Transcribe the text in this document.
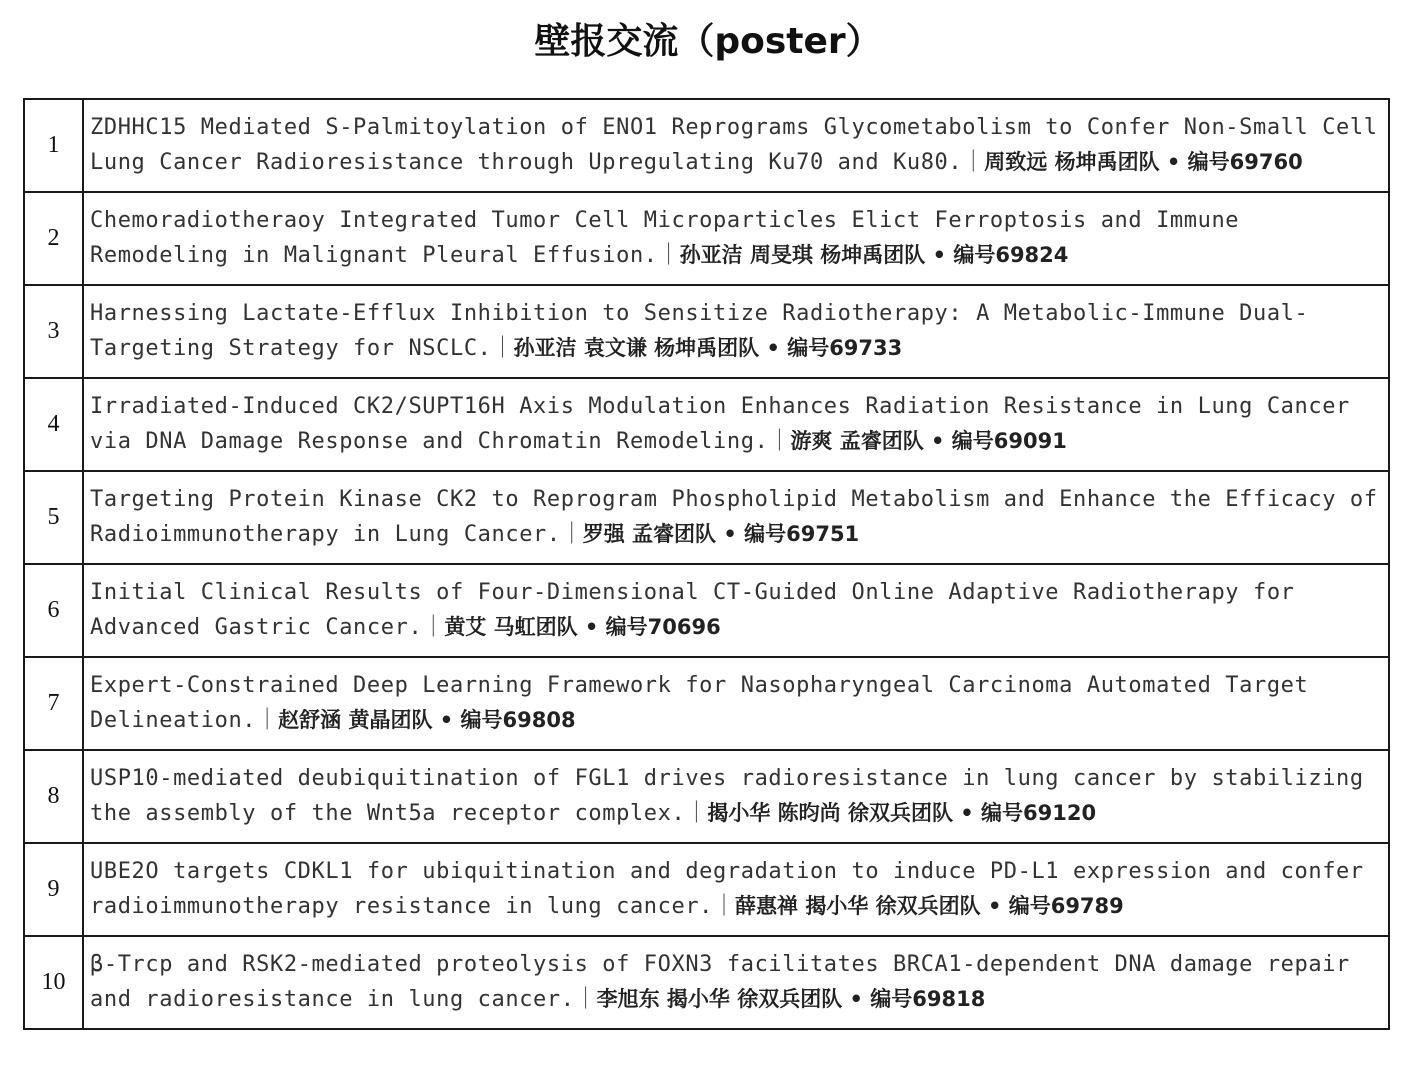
壁报交流（poster）
1	ZDHHC15 Mediated S-Palmitoylation of ENO1 Reprograms Glycometabolism to Confer Non-Small Cell Lung Cancer Radioresistance through Upregulating Ku70 and Ku80.｜周致远 杨坤禹团队 • 编号69760
2	Chemoradiotheraoy Integrated Tumor Cell Microparticles Elict Ferroptosis and Immune Remodeling in Malignant Pleural Effusion.｜孙亚洁 周旻琪 杨坤禹团队 • 编号69824
3	Harnessing Lactate-Efflux Inhibition to Sensitize Radiotherapy: A Metabolic-Immune Dual-Targeting Strategy for NSCLC.｜孙亚洁 袁文谦 杨坤禹团队 • 编号69733
4	Irradiated-Induced CK2/SUPT16H Axis Modulation Enhances Radiation Resistance in Lung Cancer via DNA Damage Response and Chromatin Remodeling.｜游爽 孟睿团队 • 编号69091
5	Targeting Protein Kinase CK2 to Reprogram Phospholipid Metabolism and Enhance the Efficacy of Radioimmunotherapy in Lung Cancer.｜罗强 孟睿团队 • 编号69751
6	Initial Clinical Results of Four-Dimensional CT-Guided Online Adaptive Radiotherapy for Advanced Gastric Cancer.｜黄艾 马虹团队 • 编号70696
7	Expert-Constrained Deep Learning Framework for Nasopharyngeal Carcinoma Automated Target Delineation.｜赵舒涵 黄晶团队 • 编号69808
8	USP10-mediated deubiquitination of FGL1 drives radioresistance in lung cancer by stabilizing the assembly of the Wnt5a receptor complex.｜揭小华 陈昀尚 徐双兵团队 • 编号69120
9	UBE2O targets CDKL1 for ubiquitination and degradation to induce PD-L1 expression and confer radioimmunotherapy resistance in lung cancer.｜薛惠禅 揭小华 徐双兵团队 • 编号69789
10	β-Trcp and RSK2-mediated proteolysis of FOXN3 facilitates BRCA1-dependent DNA damage repair and radioresistance in lung cancer.｜李旭东 揭小华 徐双兵团队 • 编号69818
